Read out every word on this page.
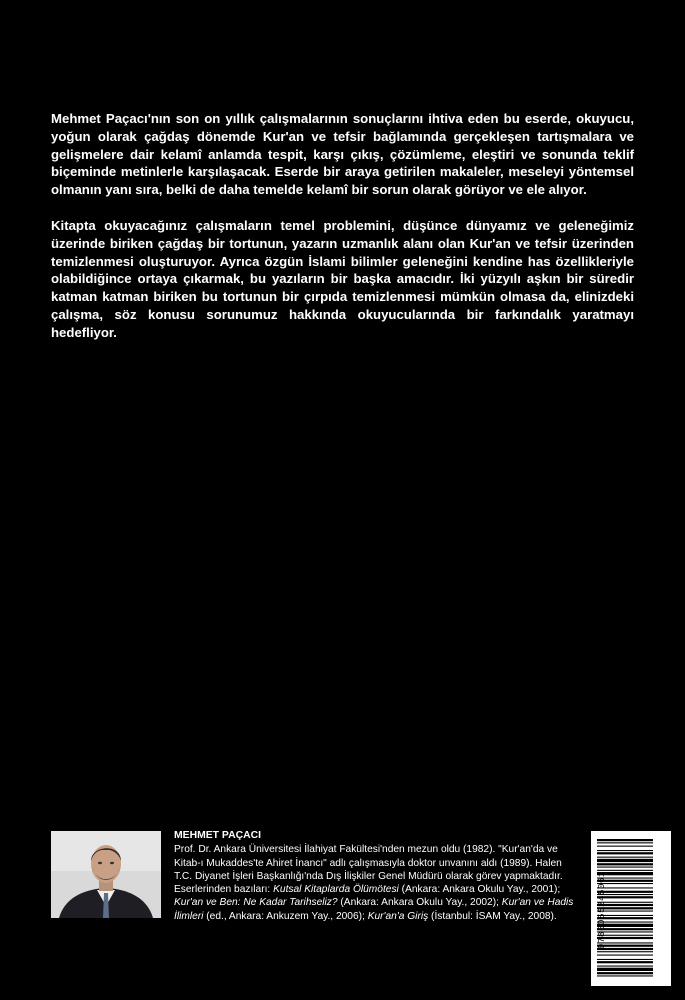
Mehmet Paçacı'nın son on yıllık çalışmalarının sonuçlarını ihtiva eden bu eserde, okuyucu, yoğun olarak çağdaş dönemde Kur'an ve tefsir bağlamında gerçekleşen tartışmalara ve gelişmelere dair kelamî anlamda tespit, karşı çıkış, çözümleme, eleştiri ve sonunda teklif biçeminde metinlerle karşılaşacak. Eserde bir araya getirilen makaleler, meseleyi yöntemsel olmanın yanı sıra, belki de daha temelde kelamî bir sorun olarak görüyor ve ele alıyor.

Kitapta okuyacağınız çalışmaların temel problemini, düşünce dünyamız ve geleneğimiz üzerinde biriken çağdaş bir tortunun, yazarın uzmanlık alanı olan Kur'an ve tefsir üzerinden temizlenmesi oluşturuyor. Ayrıca özgün İslami bilimler geleneğini kendine has özellikleriyle olabildiğince ortaya çıkarmak, bu yazıların bir başka amacıdır. İki yüzyılı aşkın bir süredir katman katman biriken bu tortunun bir çırpıda temizlenmesi mümkün olmasa da, elinizdeki çalışma, söz konusu sorunumuz hakkında okuyucularında bir farkındalık yaratmayı hedefliyor.

MEHMET PAÇACI
Prof. Dr. Ankara Üniversitesi İlahiyat Fakültesi'nden mezun oldu (1982). "Kur'an'da ve Kitab-ı Mukaddes'te Ahiret İnancı" adlı çalışmasıyla doktor unvanını aldı (1989). Halen T.C. Diyanet İşleri Başkanlığı'nda Dış İlişkiler Genel Müdürü olarak görev yapmaktadır. Eserlerinden bazıları: Kutsal Kitaplarda Ölümötesi (Ankara: Ankara Okulu Yay., 2001); Kur'an ve Ben: Ne Kadar Tarihseliz? (Ankara: Ankara Okulu Yay., 2002); Kur'an ve Hadis İlimleri (ed., Ankara: Ankuzem Yay., 2006); Kur'an'a Giriş (İstanbul: İSAM Yay., 2008).	9786055245061
